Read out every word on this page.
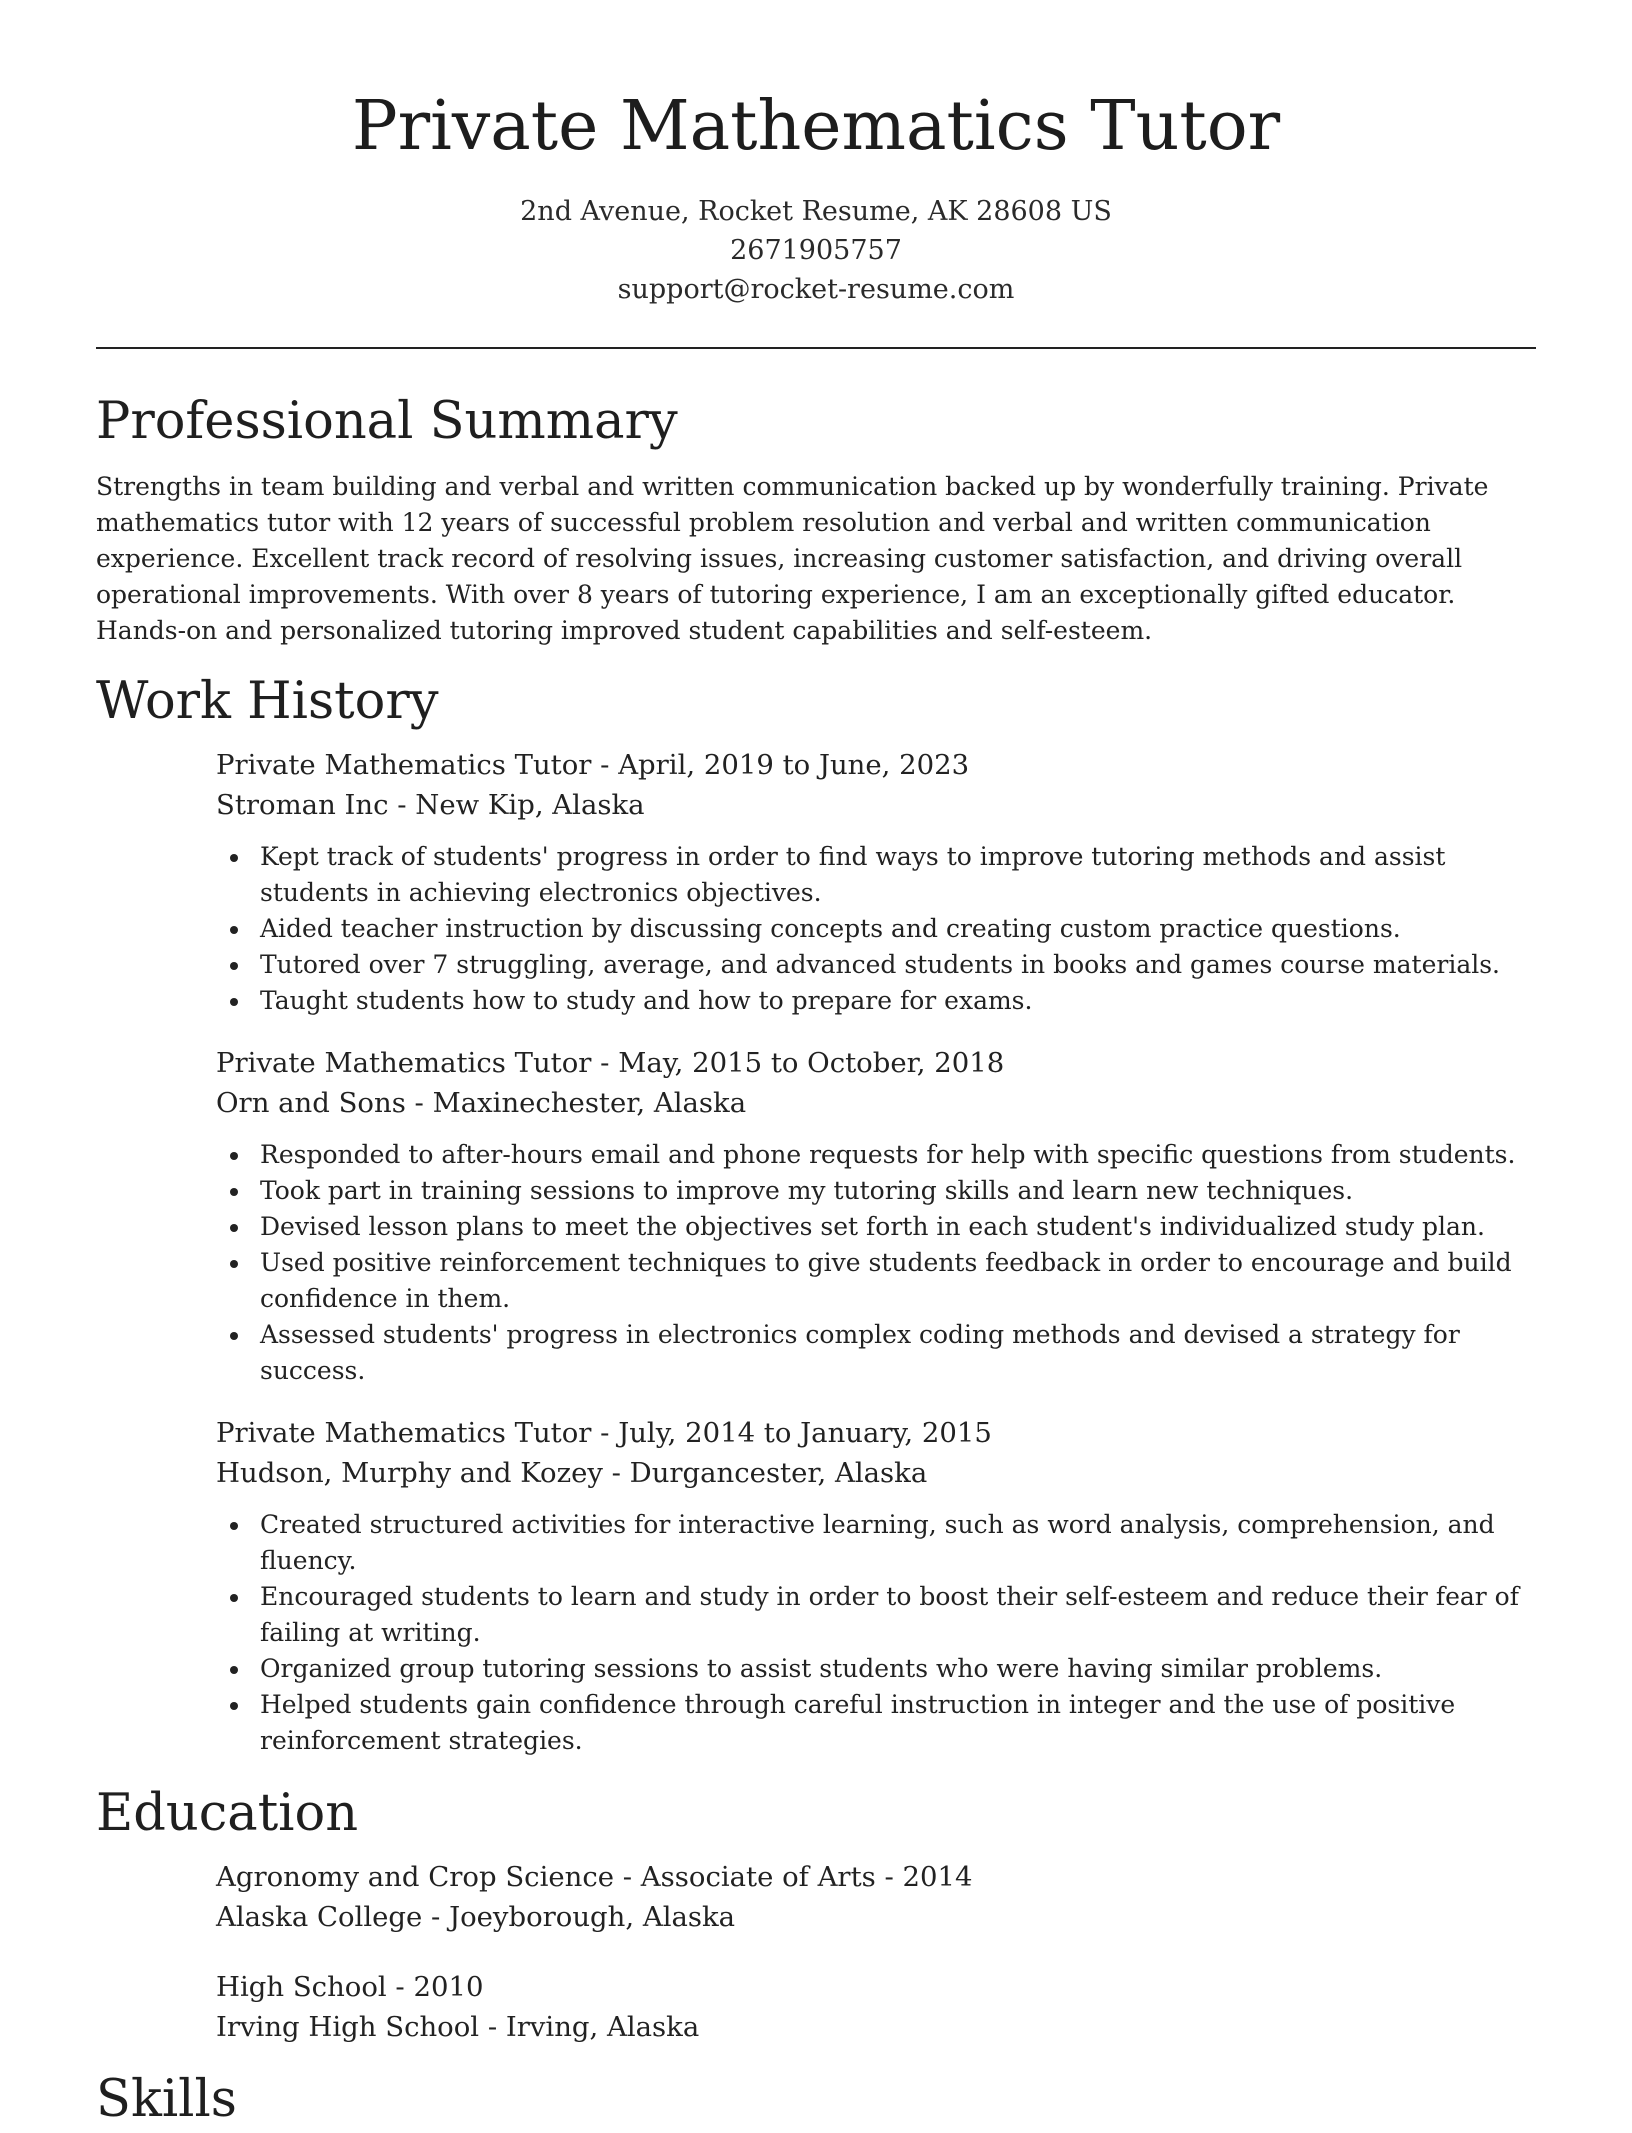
Private Mathematics Tutor
2nd Avenue, Rocket Resume, AK 28608 US
2671905757
support@rocket-resume.com
Professional Summary

Strengths in team building and verbal and written communication backed up by wonderfully training. Private mathematics tutor with 12 years of successful problem resolution and verbal and written communication experience. Excellent track record of resolving issues, increasing customer satisfaction, and driving overall operational improvements. With over 8 years of tutoring experience, I am an exceptionally gifted educator. Hands-on and personalized tutoring improved student capabilities and self-esteem.

Work History
Private Mathematics Tutor - April, 2019 to June, 2023
Stroman Inc - New Kip, Alaska
Kept track of students' progress in order to find ways to improve tutoring methods and assist students in achieving electronics objectives.
Aided teacher instruction by discussing concepts and creating custom practice questions.
Tutored over 7 struggling, average, and advanced students in books and games course materials.
Taught students how to study and how to prepare for exams.
Private Mathematics Tutor - May, 2015 to October, 2018
Orn and Sons - Maxinechester, Alaska
Responded to after-hours email and phone requests for help with specific questions from students.
Took part in training sessions to improve my tutoring skills and learn new techniques.
Devised lesson plans to meet the objectives set forth in each student's individualized study plan.
Used positive reinforcement techniques to give students feedback in order to encourage and build confidence in them.
Assessed students' progress in electronics complex coding methods and devised a strategy for success.
Private Mathematics Tutor - July, 2014 to January, 2015
Hudson, Murphy and Kozey - Durgancester, Alaska
Created structured activities for interactive learning, such as word analysis, comprehension, and fluency.
Encouraged students to learn and study in order to boost their self-esteem and reduce their fear of failing at writing.
Organized group tutoring sessions to assist students who were having similar problems.
Helped students gain confidence through careful instruction in integer and the use of positive reinforcement strategies.
Education
Agronomy and Crop Science - Associate of Arts - 2014
Alaska College - Joeyborough, Alaska
High School - 2010
Irving High School - Irving, Alaska
Skills
